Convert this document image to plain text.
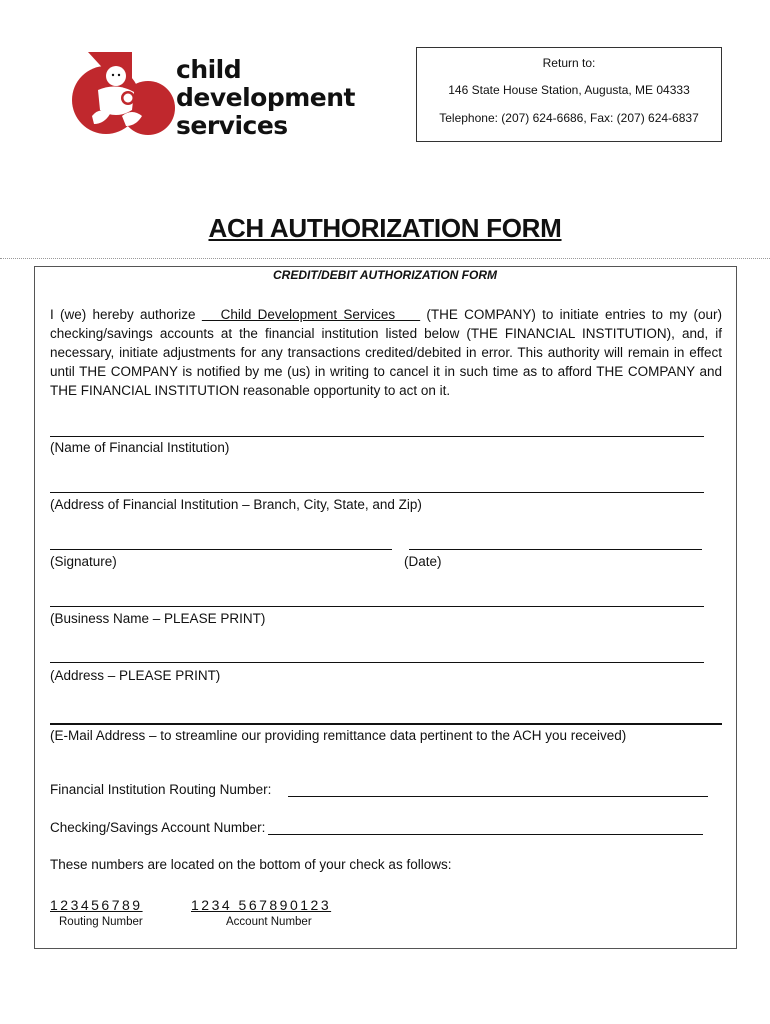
child
development
services
Return to:
146 State House Station, Augusta, ME 04333
Telephone: (207) 624-6686, Fax: (207) 624-6837
ACH AUTHORIZATION FORM
CREDIT/DEBIT AUTHORIZATION FORM
I (we) hereby authorize    Child Development Services     (THE COMPANY) to initiate entries to my (our) checking/savings accounts at the financial institution listed below (THE FINANCIAL INSTITUTION), and, if necessary, initiate adjustments for any transactions credited/debited in error. This authority will remain in effect until THE COMPANY is notified by me (us) in writing to cancel it in such time as to afford THE COMPANY and THE FINANCIAL INSTITUTION reasonable opportunity to act on it.
(Name of Financial Institution)
(Address of Financial Institution – Branch, City, State, and Zip)
(Signature)	(Date)
(Business Name – PLEASE PRINT)
(Address – PLEASE PRINT)
(E-Mail Address – to streamline our providing remittance data pertinent to the ACH you received)
Financial Institution Routing Number:
Checking/Savings Account Number:
These numbers are located on the bottom of your check as follows:
123456789
Routing Number
1234 567890123
Account Number
